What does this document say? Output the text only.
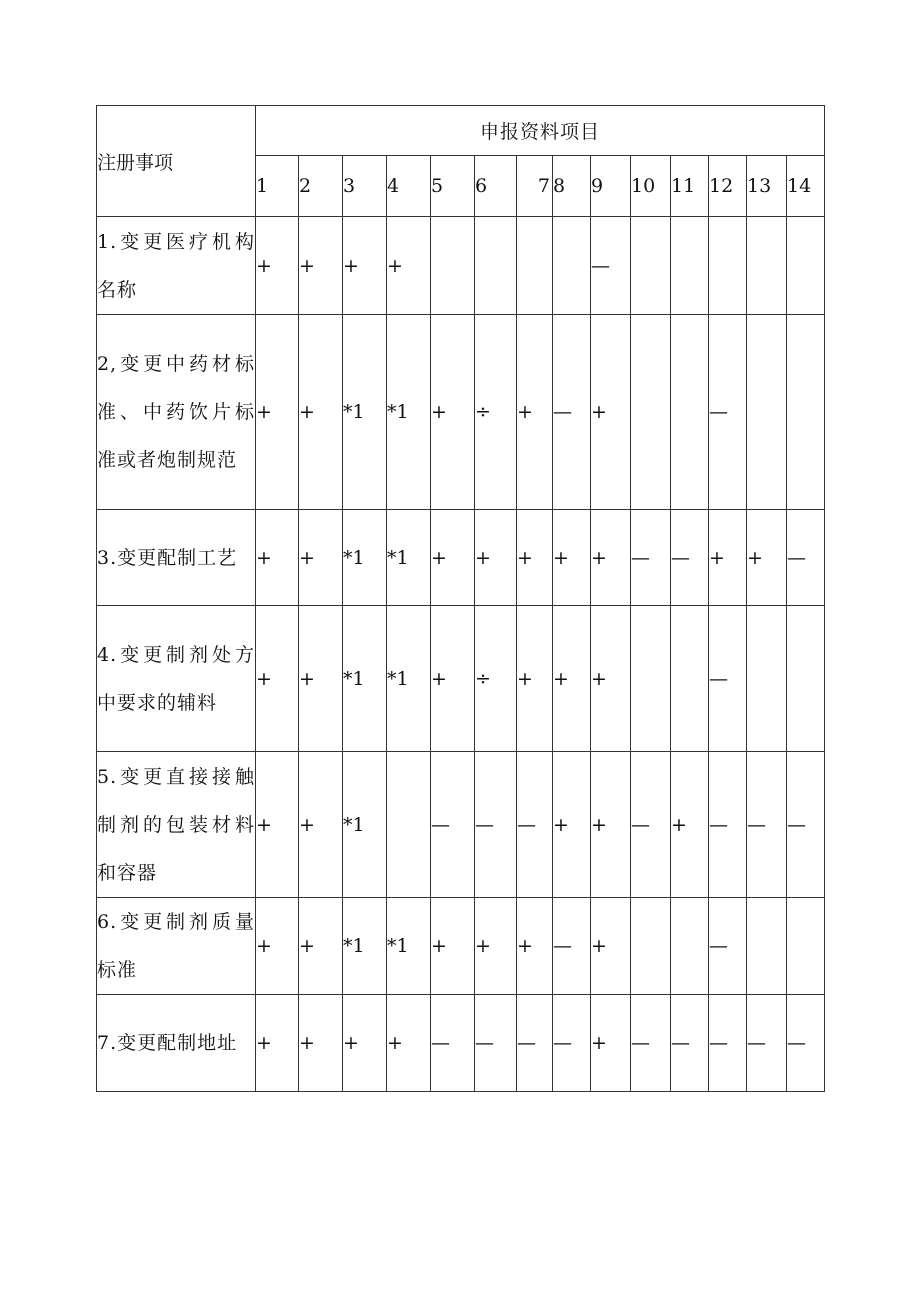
注册事项	申报资料项目													
	1	2	3	4	5	6	7	8	9	10	11	12	13	14
1.变更医疗机构名称	+	+	+	+					—					
2,变更中药材标准、中药饮片标准或者炮制规范	+	+	*1	*1	+	÷	+	—	+			—		
3.变更配制工艺	+	+	*1	*1	+	+	+	+	+	—	—	+	+	—
4.变更制剂处方中要求的辅料	+	+	*1	*1	+	÷	+	+	+			—		
5.变更直接接触制剂的包装材料和容器	+	+	*1		—	—	—	+	+	—	+	—	—	—
6.变更制剂质量标准	+	+	*1	*1	+	+	+	—	+			—		
7.变更配制地址	+	+	+	+	—	—	—	—	+	—	—	—	—	—
